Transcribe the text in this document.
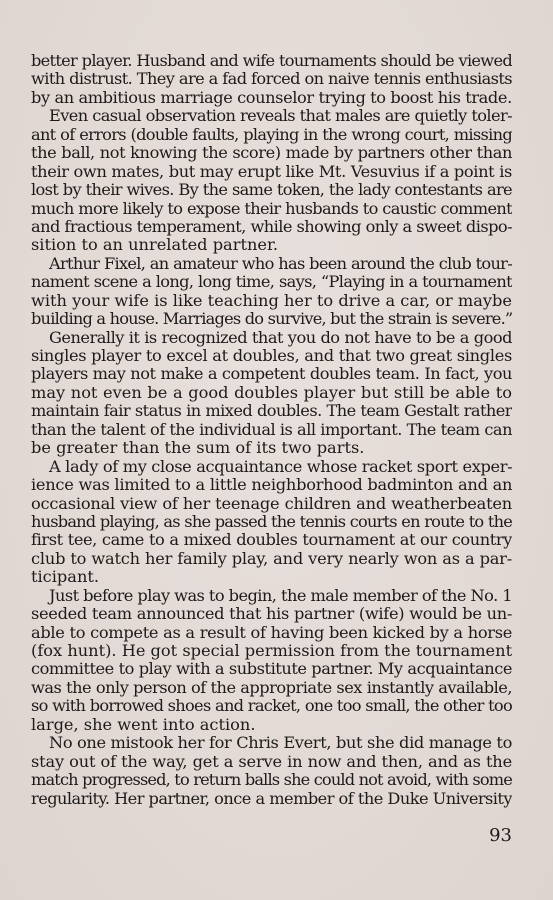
better player. Husband and wife tournaments should be viewed
with distrust. They are a fad forced on naive tennis enthusiasts
by an ambitious marriage counselor trying to boost his trade.
Even casual observation reveals that males are quietly toler-
ant of errors (double faults, playing in the wrong court, missing
the ball, not knowing the score) made by partners other than
their own mates, but may erupt like Mt. Vesuvius if a point is
lost by their wives. By the same token, the lady contestants are
much more likely to expose their husbands to caustic comment
and fractious temperament, while showing only a sweet dispo-
sition to an unrelated partner.
Arthur Fixel, an amateur who has been around the club tour-
nament scene a long, long time, says, “Playing in a tournament
with your wife is like teaching her to drive a car, or maybe
building a house. Marriages do survive, but the strain is severe.”
Generally it is recognized that you do not have to be a good
singles player to excel at doubles, and that two great singles
players may not make a competent doubles team. In fact, you
may not even be a good doubles player but still be able to
maintain fair status in mixed doubles. The team Gestalt rather
than the talent of the individual is all important. The team can
be greater than the sum of its two parts.
A lady of my close acquaintance whose racket sport exper-
ience was limited to a little neighborhood badminton and an
occasional view of her teenage children and weatherbeaten
husband playing, as she passed the tennis courts en route to the
first tee, came to a mixed doubles tournament at our country
club to watch her family play, and very nearly won as a par-
ticipant.
Just before play was to begin, the male member of the No. 1
seeded team announced that his partner (wife) would be un-
able to compete as a result of having been kicked by a horse
(fox hunt). He got special permission from the tournament
committee to play with a substitute partner. My acquaintance
was the only person of the appropriate sex instantly available,
so with borrowed shoes and racket, one too small, the other too
large, she went into action.
No one mistook her for Chris Evert, but she did manage to
stay out of the way, get a serve in now and then, and as the
match progressed, to return balls she could not avoid, with some
regularity. Her partner, once a member of the Duke University
93
